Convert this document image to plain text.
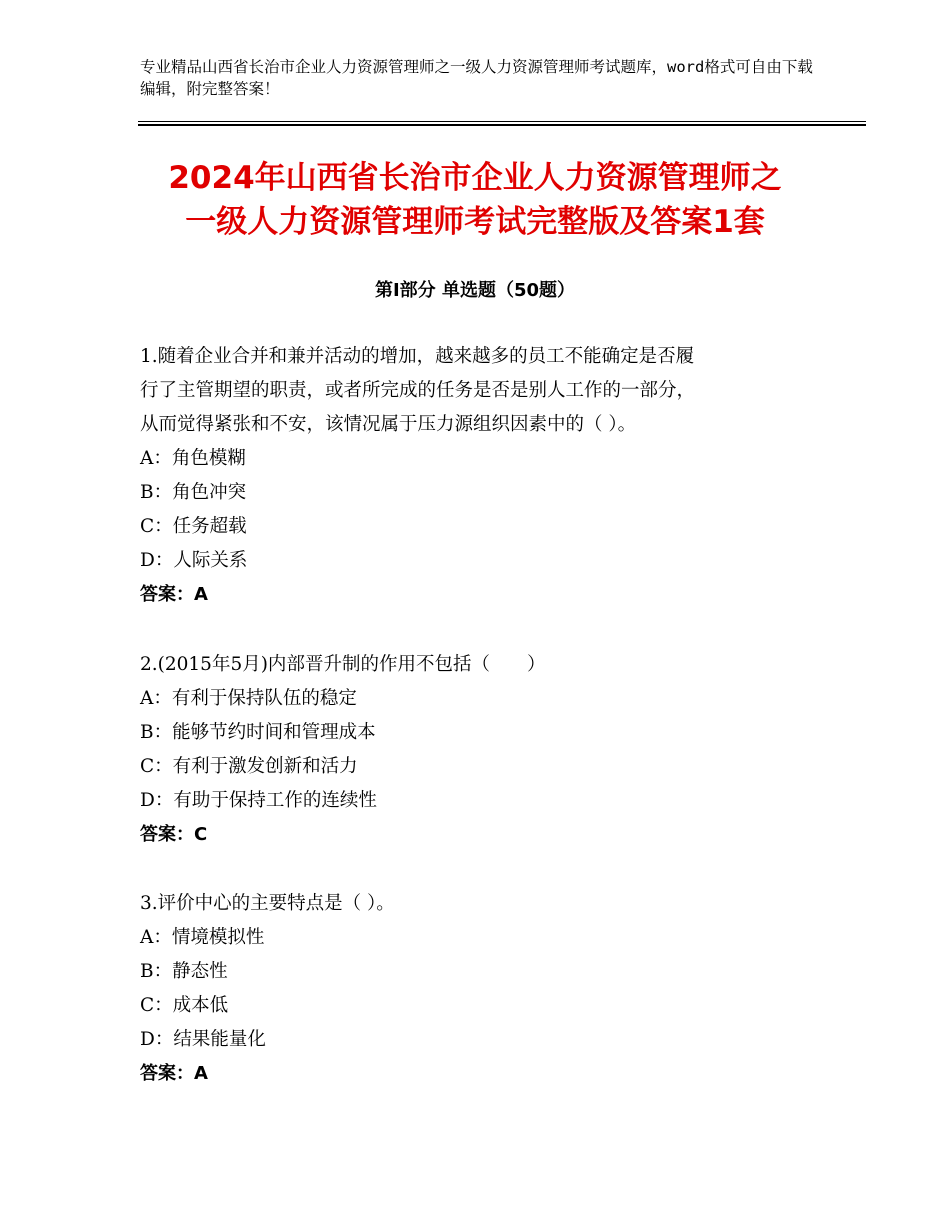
专业精品山西省长治市企业人力资源管理师之一级人力资源管理师考试题库，word格式可自由下载编辑，附完整答案！
2024年山西省长治市企业人力资源管理师之
一级人力资源管理师考试完整版及答案1套
第Ⅰ部分 单选题（50题）
1.随着企业合并和兼并活动的增加，越来越多的员工不能确定是否履
行了主管期望的职责，或者所完成的任务是否是别人工作的一部分，
从而觉得紧张和不安，该情况属于压力源组织因素中的（ ）。
A：角色模糊
B：角色冲突
C：任务超载
D：人际关系
答案：A
2.(2015年5月)内部晋升制的作用不包括（　　）
A：有利于保持队伍的稳定
B：能够节约时间和管理成本
C：有利于激发创新和活力
D：有助于保持工作的连续性
答案：C
3.评价中心的主要特点是（ ）。
A：情境模拟性
B：静态性
C：成本低
D：结果能量化
答案：A
